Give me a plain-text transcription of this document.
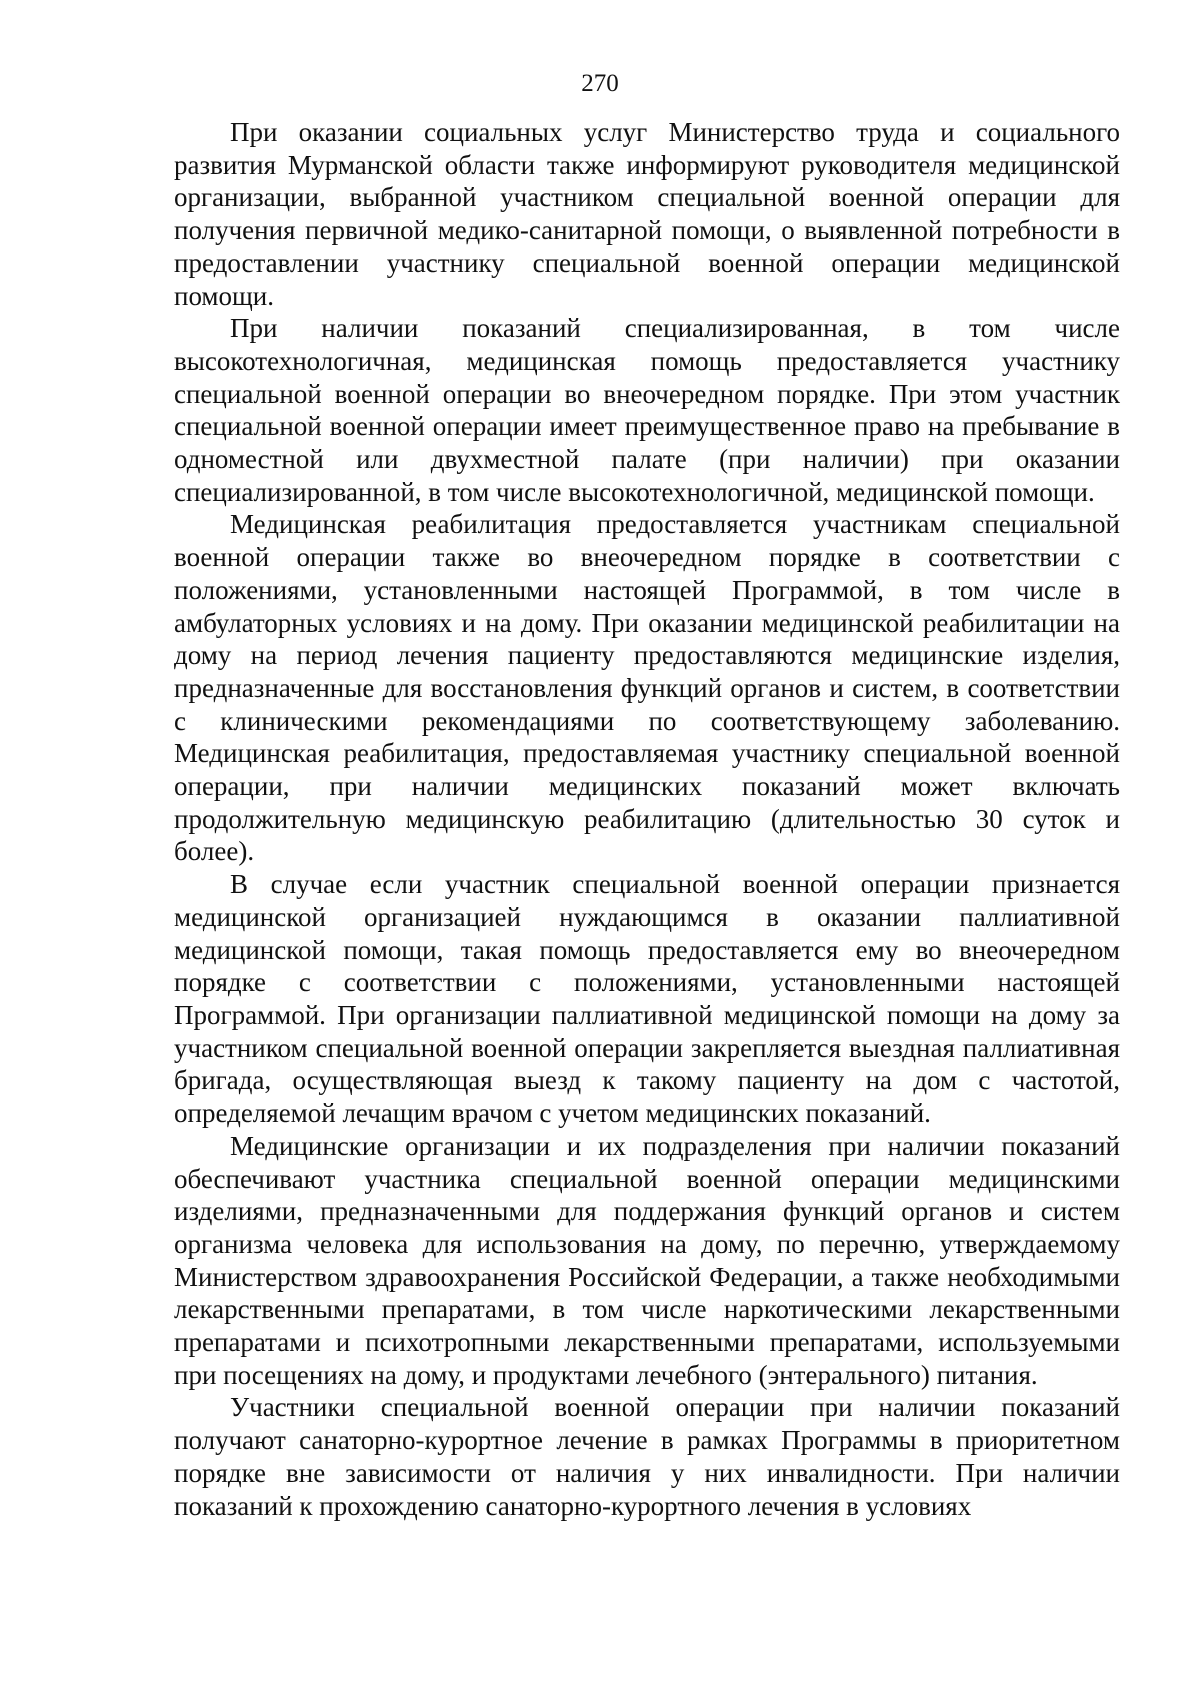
270

При оказании социальных услуг Министерство труда и социального развития Мурманской области также информируют руководителя медицинской организации, выбранной участником специальной военной операции для получения первичной медико-санитарной помощи, о выявленной потребности в предоставлении участнику специальной военной операции медицинской помощи.

При наличии показаний специализированная, в том числе высокотехнологичная, медицинская помощь предоставляется участнику специальной военной операции во внеочередном порядке. При этом участник специальной военной операции имеет преимущественное право на пребывание в одноместной или двухместной палате (при наличии) при оказании специализированной, в том числе высокотехнологичной, медицинской помощи.

Медицинская реабилитация предоставляется участникам специальной военной операции также во внеочередном порядке в соответствии с положениями, установленными настоящей Программой, в том числе в амбулаторных условиях и на дому. При оказании медицинской реабилитации на дому на период лечения пациенту предоставляются медицинские изделия, предназначенные для восстановления функций органов и систем, в соответствии с клиническими рекомендациями по соответствующему заболеванию. Медицинская реабилитация, предоставляемая участнику специальной военной операции, при наличии медицинских показаний может включать продолжительную медицинскую реабилитацию (длительностью 30 суток и более).

В случае если участник специальной военной операции признается медицинской организацией нуждающимся в оказании паллиативной медицинской помощи, такая помощь предоставляется ему во внеочередном порядке с соответствии с положениями, установленными настоящей Программой. При организации паллиативной медицинской помощи на дому за участником специальной военной операции закрепляется выездная паллиативная бригада, осуществляющая выезд к такому пациенту на дом с частотой, определяемой лечащим врачом с учетом медицинских показаний.

Медицинские организации и их подразделения при наличии показаний обеспечивают участника специальной военной операции медицинскими изделиями, предназначенными для поддержания функций органов и систем организма человека для использования на дому, по перечню, утверждаемому Министерством здравоохранения Российской Федерации, а также необходимыми лекарственными препаратами, в том числе наркотическими лекарственными препаратами и психотропными лекарственными препаратами, используемыми при посещениях на дому, и продуктами лечебного (энтерального) питания.

Участники специальной военной операции при наличии показаний получают санаторно-курортное лечение в рамках Программы в приоритетном порядке вне зависимости от наличия у них инвалидности. При наличии показаний к прохождению санаторно-курортного лечения в условиях
